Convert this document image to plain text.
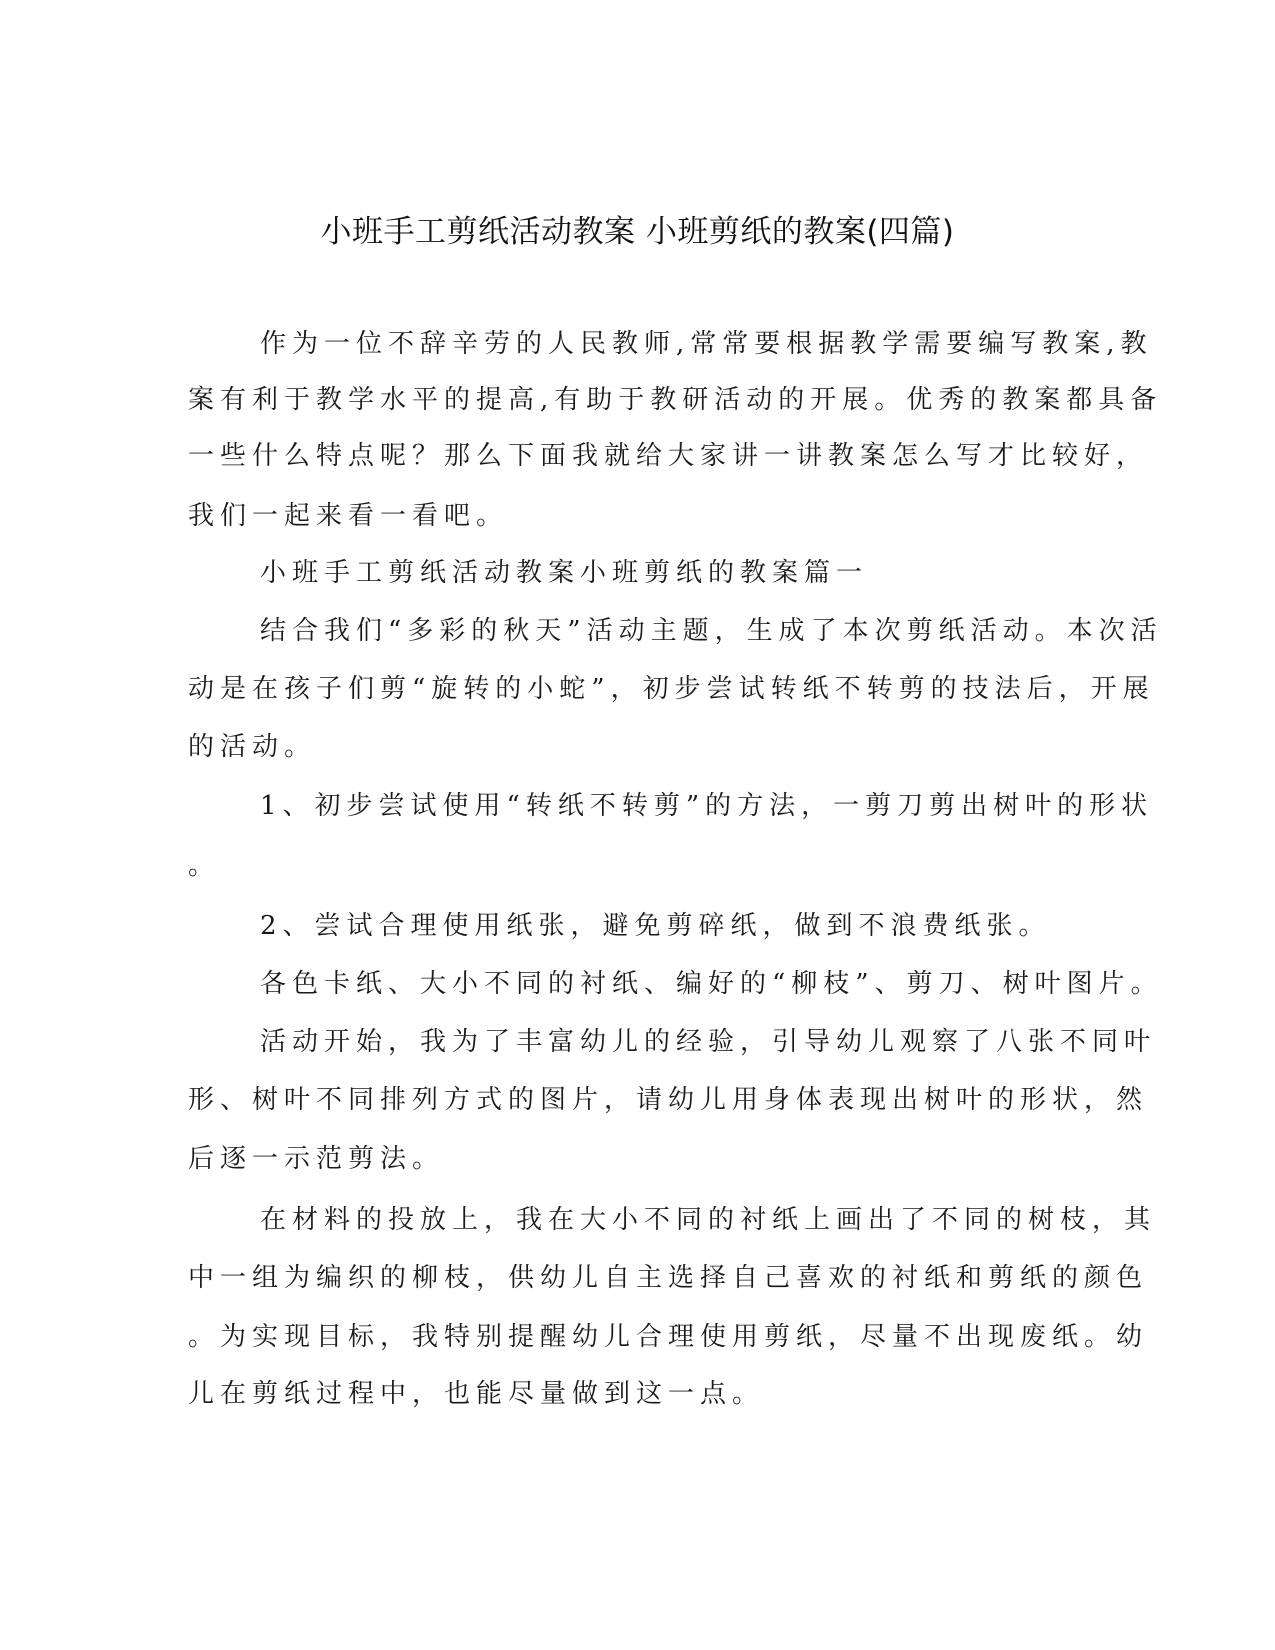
小班手工剪纸活动教案 小班剪纸的教案(四篇)
作为一位不辞辛劳的人民教师,常常要根据教学需要编写教案,教
案有利于教学水平的提高,有助于教研活动的开展。优秀的教案都具备
一些什么特点呢？那么下面我就给大家讲一讲教案怎么写才比较好，
我们一起来看一看吧。
小班手工剪纸活动教案小班剪纸的教案篇一
结合我们“多彩的秋天”活动主题，生成了本次剪纸活动。本次活
动是在孩子们剪“旋转的小蛇”，初步尝试转纸不转剪的技法后，开展
的活动。
1、初步尝试使用“转纸不转剪”的方法，一剪刀剪出树叶的形状
。
2、尝试合理使用纸张，避免剪碎纸，做到不浪费纸张。
各色卡纸、大小不同的衬纸、编好的“柳枝”、剪刀、树叶图片。
活动开始，我为了丰富幼儿的经验，引导幼儿观察了八张不同叶
形、树叶不同排列方式的图片，请幼儿用身体表现出树叶的形状，然
后逐一示范剪法。
在材料的投放上，我在大小不同的衬纸上画出了不同的树枝，其
中一组为编织的柳枝，供幼儿自主选择自己喜欢的衬纸和剪纸的颜色
。为实现目标，我特别提醒幼儿合理使用剪纸，尽量不出现废纸。幼
儿在剪纸过程中，也能尽量做到这一点。
